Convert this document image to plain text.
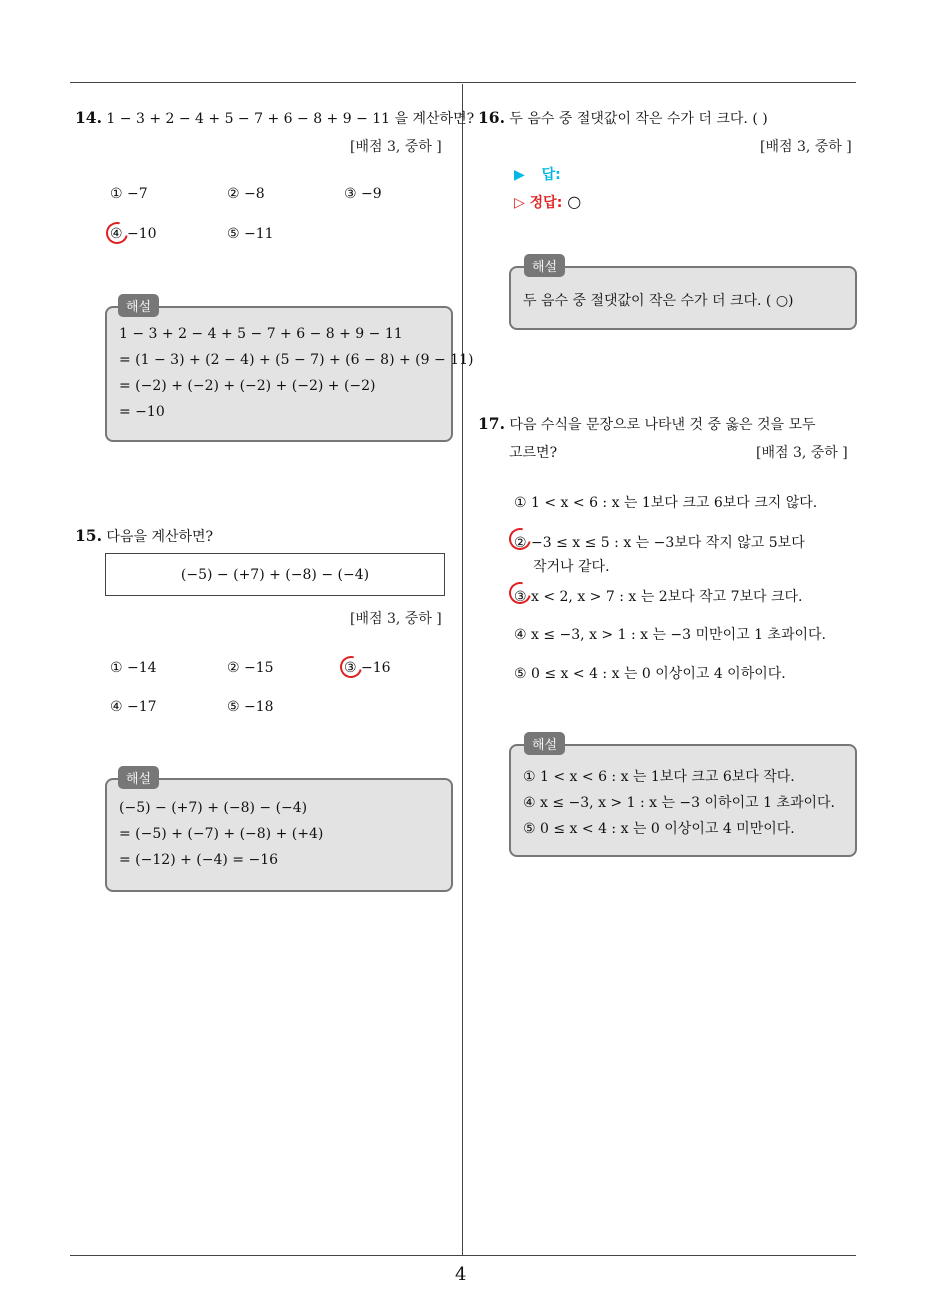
4
14. 1 − 3 + 2 − 4 + 5 − 7 + 6 − 8 + 9 − 11 을 계산하면?
[배점 3, 중하 ]
① −7	② −8	③ −9
④ −10	⑤ −11
1 − 3 + 2 − 4 + 5 − 7 + 6 − 8 + 9 − 11
= (1 − 3) + (2 − 4) + (5 − 7) + (6 − 8) + (9 − 11)
= (−2) + (−2) + (−2) + (−2) + (−2)
= −10
해설
15. 다음을 계산하면?
(−5) − (+7) + (−8) − (−4)
[배점 3, 중하 ]
① −14	② −15	③ −16
④ −17	⑤ −18
(−5) − (+7) + (−8) − (−4)
= (−5) + (−7) + (−8) + (+4)
= (−12) + (−4) = −16
해설
16. 두 음수 중 절댓값이 작은 수가 더 크다. ( )
[배점 3, 중하 ]
▶ 답:
▷ 정답: ○
두 음수 중 절댓값이 작은 수가 더 크다. ( ○)
해설
17. 다음 수식을 문장으로 나타낸 것 중 옳은 것을 모두
고르면?	[배점 3, 중하 ]
① 1 < x < 6 : x 는 1보다 크고 6보다 크지 않다.
② −3 ≤ x ≤ 5 : x 는 −3보다 작지 않고 5보다
작거나 같다.
③ x < 2, x > 7 : x 는 2보다 작고 7보다 크다.
④ x ≤ −3, x > 1 : x 는 −3 미만이고 1 초과이다.
⑤ 0 ≤ x < 4 : x 는 0 이상이고 4 이하이다.
① 1 < x < 6 : x 는 1보다 크고 6보다 작다.
④ x ≤ −3, x > 1 : x 는 −3 이하이고 1 초과이다.
⑤ 0 ≤ x < 4 : x 는 0 이상이고 4 미만이다.
해설
